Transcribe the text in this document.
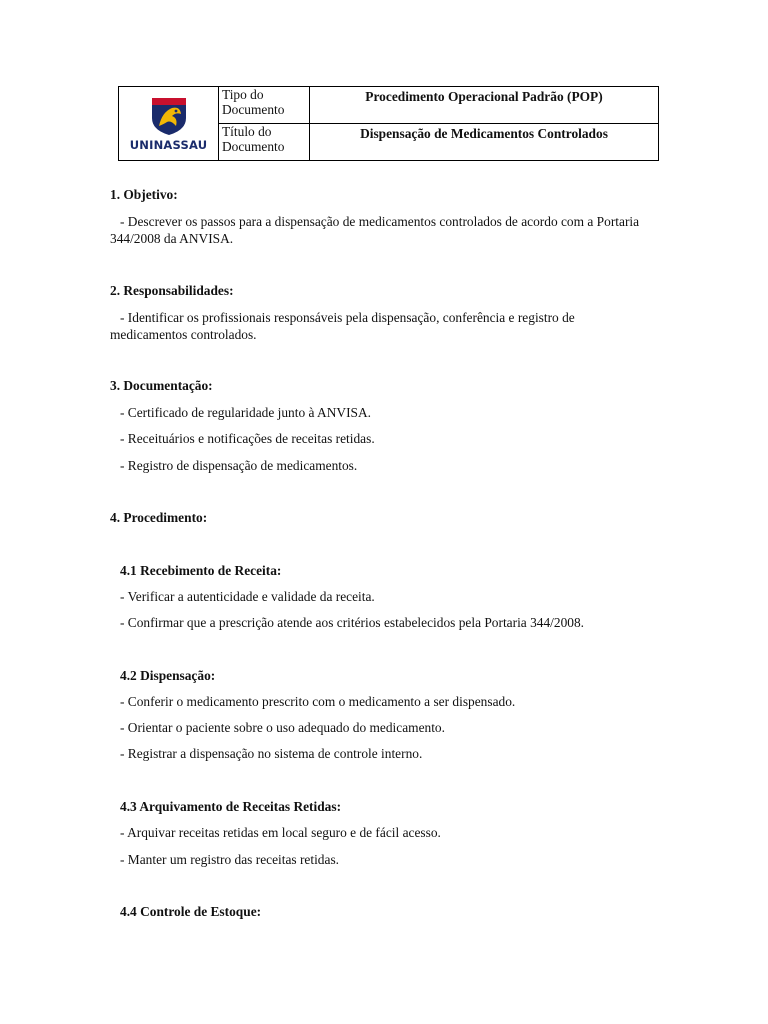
UNINASSAU	Tipo do Documento	Procedimento Operacional Padrão (POP)
	Título do Documento	Dispensação de Medicamentos Controlados
1. Objetivo:
- Descrever os passos para a dispensação de medicamentos controlados de acordo com a Portaria 344/2008 da ANVISA.
2. Responsabilidades:
- Identificar os profissionais responsáveis pela dispensação, conferência e registro de medicamentos controlados.
3. Documentação:
- Certificado de regularidade junto à ANVISA.
- Receituários e notificações de receitas retidas.
- Registro de dispensação de medicamentos.
4. Procedimento:
4.1 Recebimento de Receita:
- Verificar a autenticidade e validade da receita.
- Confirmar que a prescrição atende aos critérios estabelecidos pela Portaria 344/2008.
4.2 Dispensação:
- Conferir o medicamento prescrito com o medicamento a ser dispensado.
- Orientar o paciente sobre o uso adequado do medicamento.
- Registrar a dispensação no sistema de controle interno.
4.3 Arquivamento de Receitas Retidas:
- Arquivar receitas retidas em local seguro e de fácil acesso.
- Manter um registro das receitas retidas.
4.4 Controle de Estoque:
